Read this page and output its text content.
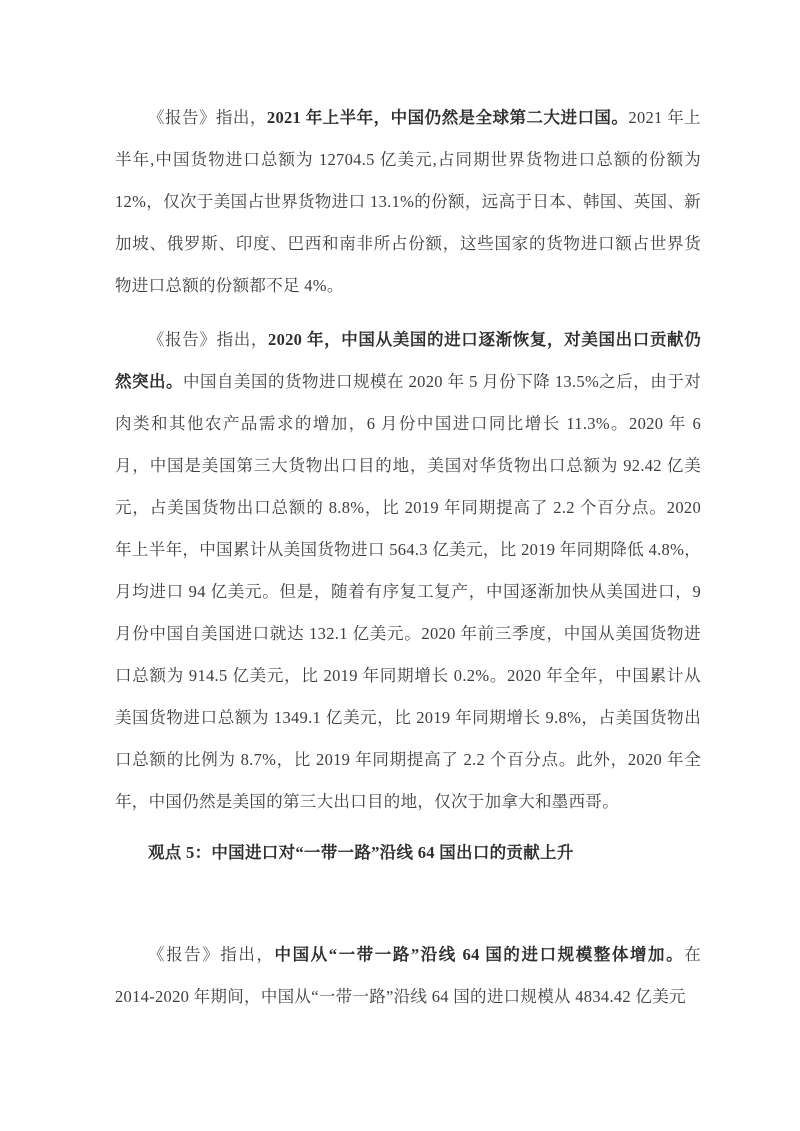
《报告》指出，2021 年上半年，中国仍然是全球第二大进口国。2021 年上半年,中国货物进口总额为 12704.5 亿美元,占同期世界货物进口总额的份额为 12%，仅次于美国占世界货物进口 13.1%的份额，远高于日本、韩国、英国、新加坡、俄罗斯、印度、巴西和南非所占份额，这些国家的货物进口额占世界货物进口总额的份额都不足 4%。

《报告》指出，2020 年，中国从美国的进口逐渐恢复，对美国出口贡献仍然突出。中国自美国的货物进口规模在 2020 年 5 月份下降 13.5%之后，由于对肉类和其他农产品需求的增加，6 月份中国进口同比增长 11.3%。2020 年 6 月，中国是美国第三大货物出口目的地，美国对华货物出口总额为 92.42 亿美元，占美国货物出口总额的 8.8%，比 2019 年同期提高了 2.2 个百分点。2020 年上半年，中国累计从美国货物进口 564.3 亿美元，比 2019 年同期降低 4.8%，月均进口 94 亿美元。但是，随着有序复工复产，中国逐渐加快从美国进口，9 月份中国自美国进口就达 132.1 亿美元。2020 年前三季度，中国从美国货物进口总额为 914.5 亿美元，比 2019 年同期增长 0.2%。2020 年全年，中国累计从美国货物进口总额为 1349.1 亿美元，比 2019 年同期增长 9.8%，占美国货物出口总额的比例为 8.7%，比 2019 年同期提高了 2.2 个百分点。此外，2020 年全年，中国仍然是美国的第三大出口目的地，仅次于加拿大和墨西哥。

观点 5：中国进口对“一带一路”沿线 64 国出口的贡献上升

《报告》指出，中国从“一带一路”沿线 64 国的进口规模整体增加。在 2014-2020 年期间，中国从“一带一路”沿线 64 国的进口规模从 4834.42 亿美元
